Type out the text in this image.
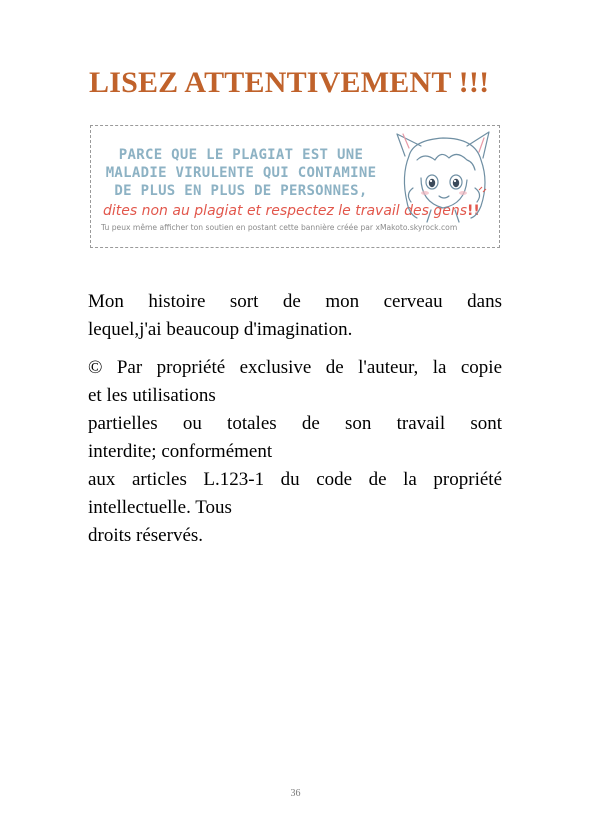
LISEZ ATTENTIVEMENT !!!
PARCE QUE LE PLAGIAT EST UNE
MALADIE VIRULENTE QUI CONTAMINE
DE PLUS EN PLUS DE PERSONNES,
dites non au plagiat et respectez le travail des gens!!
Tu peux même afficher ton soutien en postant cette bannière créée par xMakoto.skyrock.com

Mon histoire sort de mon cerveau dans
lequel,j'ai beaucoup d'imagination.

© Par propriété exclusive de l'auteur, la copie
et les utilisations
partielles ou totales de son travail sont
interdite; conformément
aux articles L.123-1 du code de la propriété
intellectuelle. Tous
droits réservés.

36
